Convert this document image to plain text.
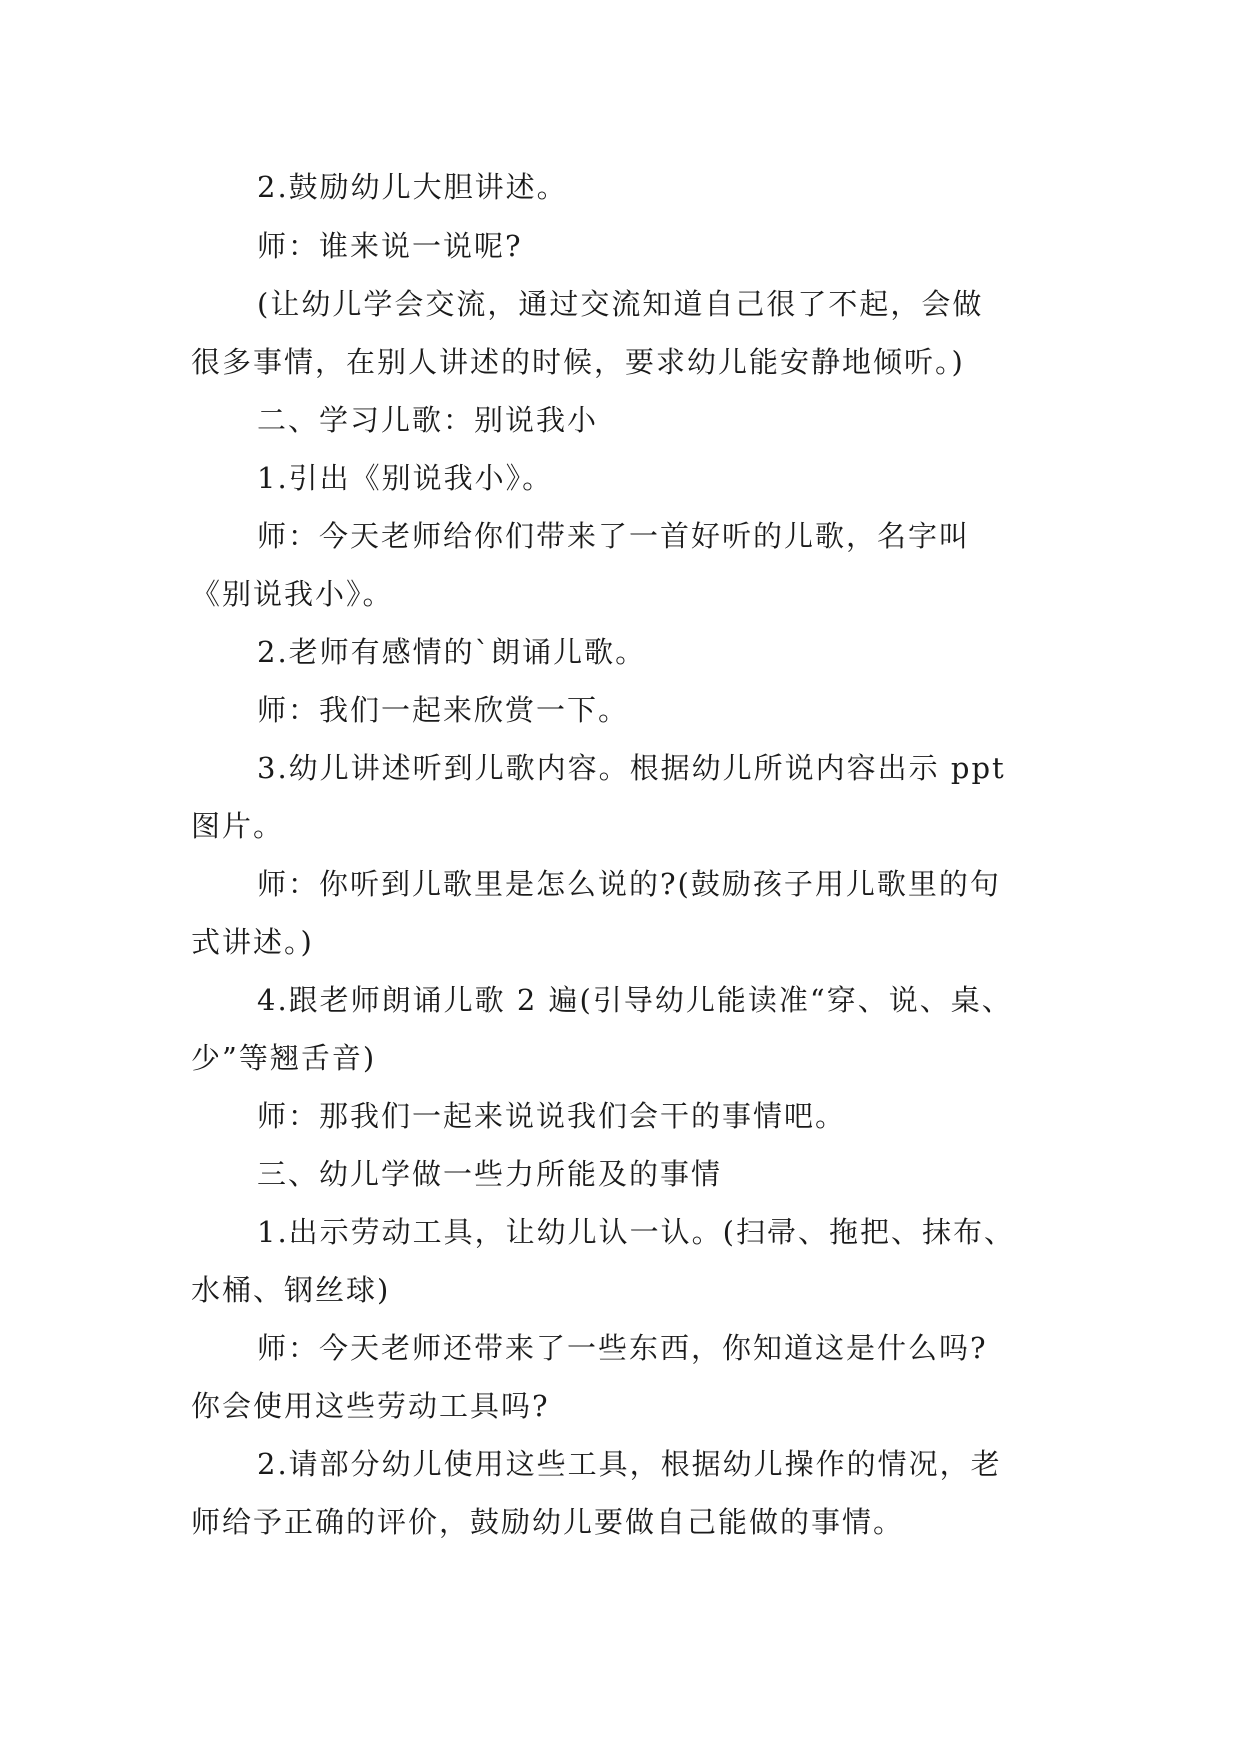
2.鼓励幼儿大胆讲述。
师：谁来说一说呢?
(让幼儿学会交流，通过交流知道自己很了不起，会做
很多事情，在别人讲述的时候，要求幼儿能安静地倾听。)
二、学习儿歌：别说我小
1.引出《别说我小》。
师：今天老师给你们带来了一首好听的儿歌，名字叫
《别说我小》。
2.老师有感情的`朗诵儿歌。
师：我们一起来欣赏一下。
3.幼儿讲述听到儿歌内容。根据幼儿所说内容出示 ppt
图片。
师：你听到儿歌里是怎么说的?(鼓励孩子用儿歌里的句
式讲述。)
4.跟老师朗诵儿歌 2 遍(引导幼儿能读准“穿、说、桌、
少”等翘舌音)
师：那我们一起来说说我们会干的事情吧。
三、幼儿学做一些力所能及的事情
1.出示劳动工具，让幼儿认一认。(扫帚、拖把、抹布、
水桶、钢丝球)
师：今天老师还带来了一些东西，你知道这是什么吗?
你会使用这些劳动工具吗?
2.请部分幼儿使用这些工具，根据幼儿操作的情况，老
师给予正确的评价，鼓励幼儿要做自己能做的事情。
